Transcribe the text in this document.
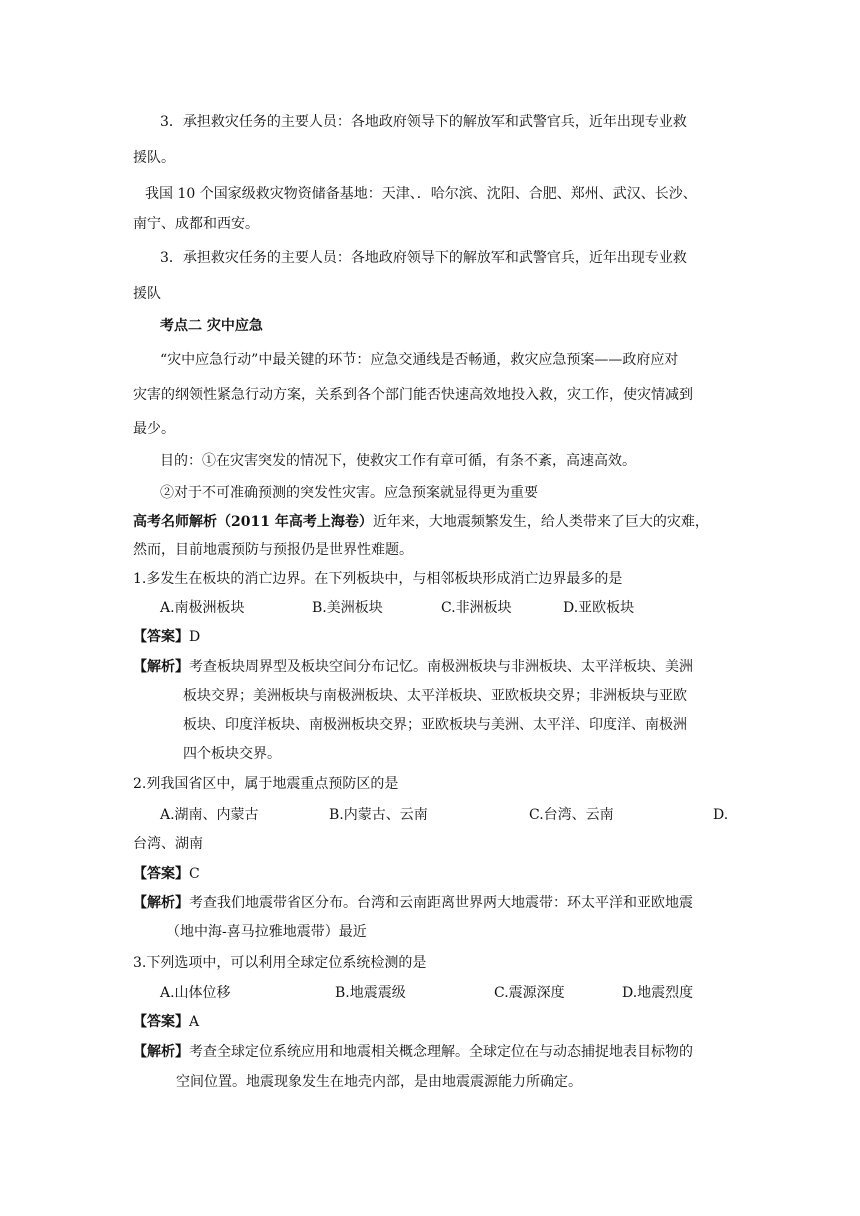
3．承担救灾任务的主要人员：各地政府领导下的解放军和武警官兵，近年出现专业救
援队。
我国 10 个国家级救灾物资储备基地：天津、．哈尔滨、沈阳、合肥、郑州、武汉、长沙、
南宁、成都和西安。
3．承担救灾任务的主要人员：各地政府领导下的解放军和武警官兵，近年出现专业救
援队
考点二 灾中应急
“灾中应急行动”中最关键的环节：应急交通线是否畅通，救灾应急预案——政府应对
灾害的纲领性紧急行动方案，关系到各个部门能否快速高效地投入救，灾工作，使灾情减到
最少。
目的：①在灾害突发的情况下，使救灾工作有章可循，有条不紊，高速高效。
②对于不可准确预测的突发性灾害。应急预案就显得更为重要
高考名师解析（2011 年高考上海卷）近年来，大地震频繁发生，给人类带来了巨大的灾难，
然而，目前地震预防与预报仍是世界性难题。
1.多发生在板块的消亡边界。在下列板块中，与相邻板块形成消亡边界最多的是
A.南极洲板块	B.美洲板块	C.非洲板块	D.亚欧板块
【答案】D
【解析】考查板块周界型及板块空间分布记忆。南极洲板块与非洲板块、太平洋板块、美洲
板块交界；美洲板块与南极洲板块、太平洋板块、亚欧板块交界；非洲板块与亚欧
板块、印度洋板块、南极洲板块交界；亚欧板块与美洲、太平洋、印度洋、南极洲
四个板块交界。
2.列我国省区中，属于地震重点预防区的是
A.湖南、内蒙古	B.内蒙古、云南	C.台湾、云南	D.
台湾、湖南
【答案】C
【解析】考查我们地震带省区分布。台湾和云南距离世界两大地震带：环太平洋和亚欧地震
（地中海-喜马拉雅地震带）最近
3.下列选项中，可以利用全球定位系统检测的是
A.山体位移	B.地震震级	C.震源深度	D.地震烈度
【答案】A
【解析】考查全球定位系统应用和地震相关概念理解。全球定位在与动态捕捉地表目标物的
空间位置。地震现象发生在地壳内部，是由地震震源能力所确定。
